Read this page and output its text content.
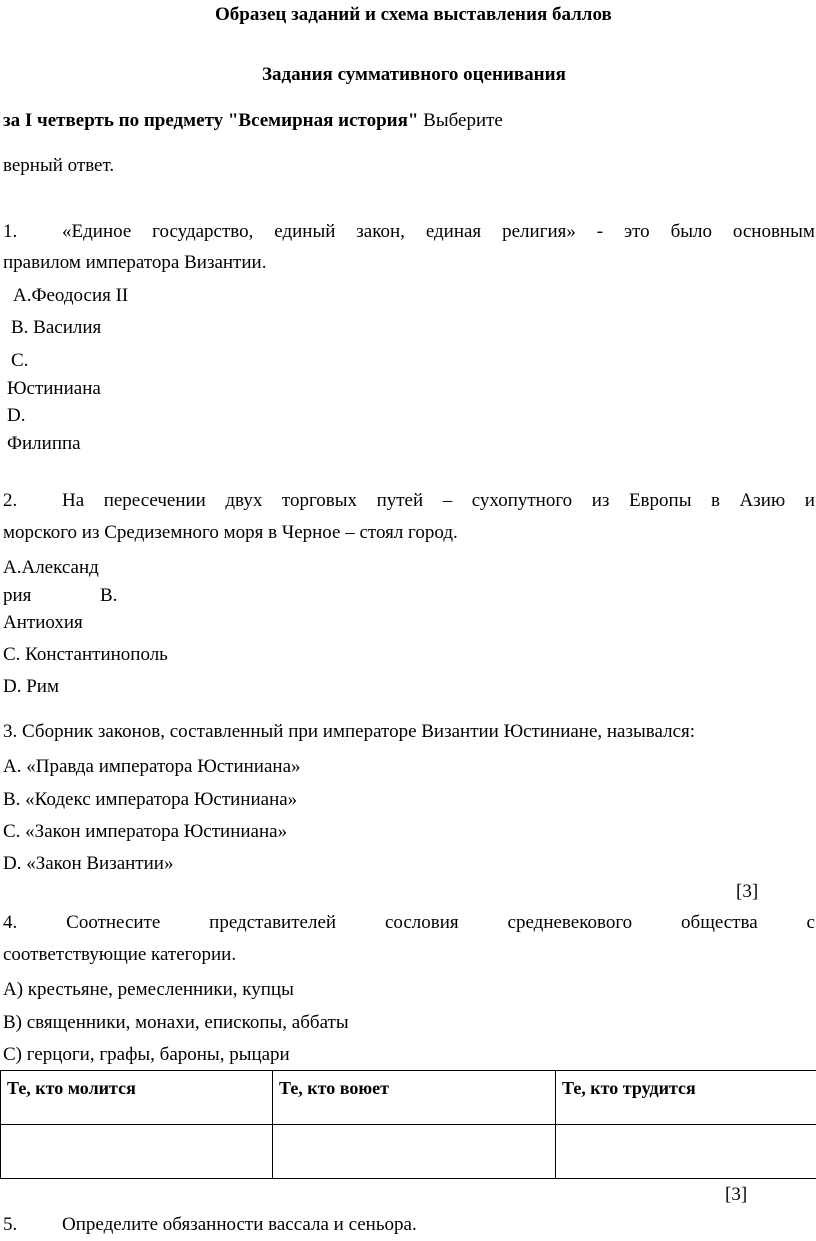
Образец заданий и схема выставления баллов
Задания суммативного оценивания
за I четверть по предмету "Всемирная история" Выберите
верный ответ.
1. «Единое государство, единый закон, единая религия» - это было основным
правилом императора Византии.
A.Феодосия II
B. Василия
C.
Юстиниана
D.
Филиппа
2. На пересечении двух торговых путей – сухопутного из Европы в Азию и
морского из Средиземного моря в Черное – стоял город.
A.Александ
рия	B.
Антиохия
C. Константинополь
D. Рим
3. Сборник законов, составленный при императоре Византии Юстиниане, назывался:
A. «Правда императора Юстиниана»
B. «Кодекс императора Юстиниана»
C. «Закон императора Юстиниана»
D. «Закон Византии»
[3]
4.	Соотнесите	представителей	сословия	средневекового	общества	с
соответствующие категории.
A) крестьяне, ремесленники, купцы
B) священники, монахи, епископы, аббаты
C) герцоги, графы, бароны, рыцари
Те, кто молится	Те, кто воюет	Те, кто трудится

[3]
5. Определите обязанности вассала и сеньора.
